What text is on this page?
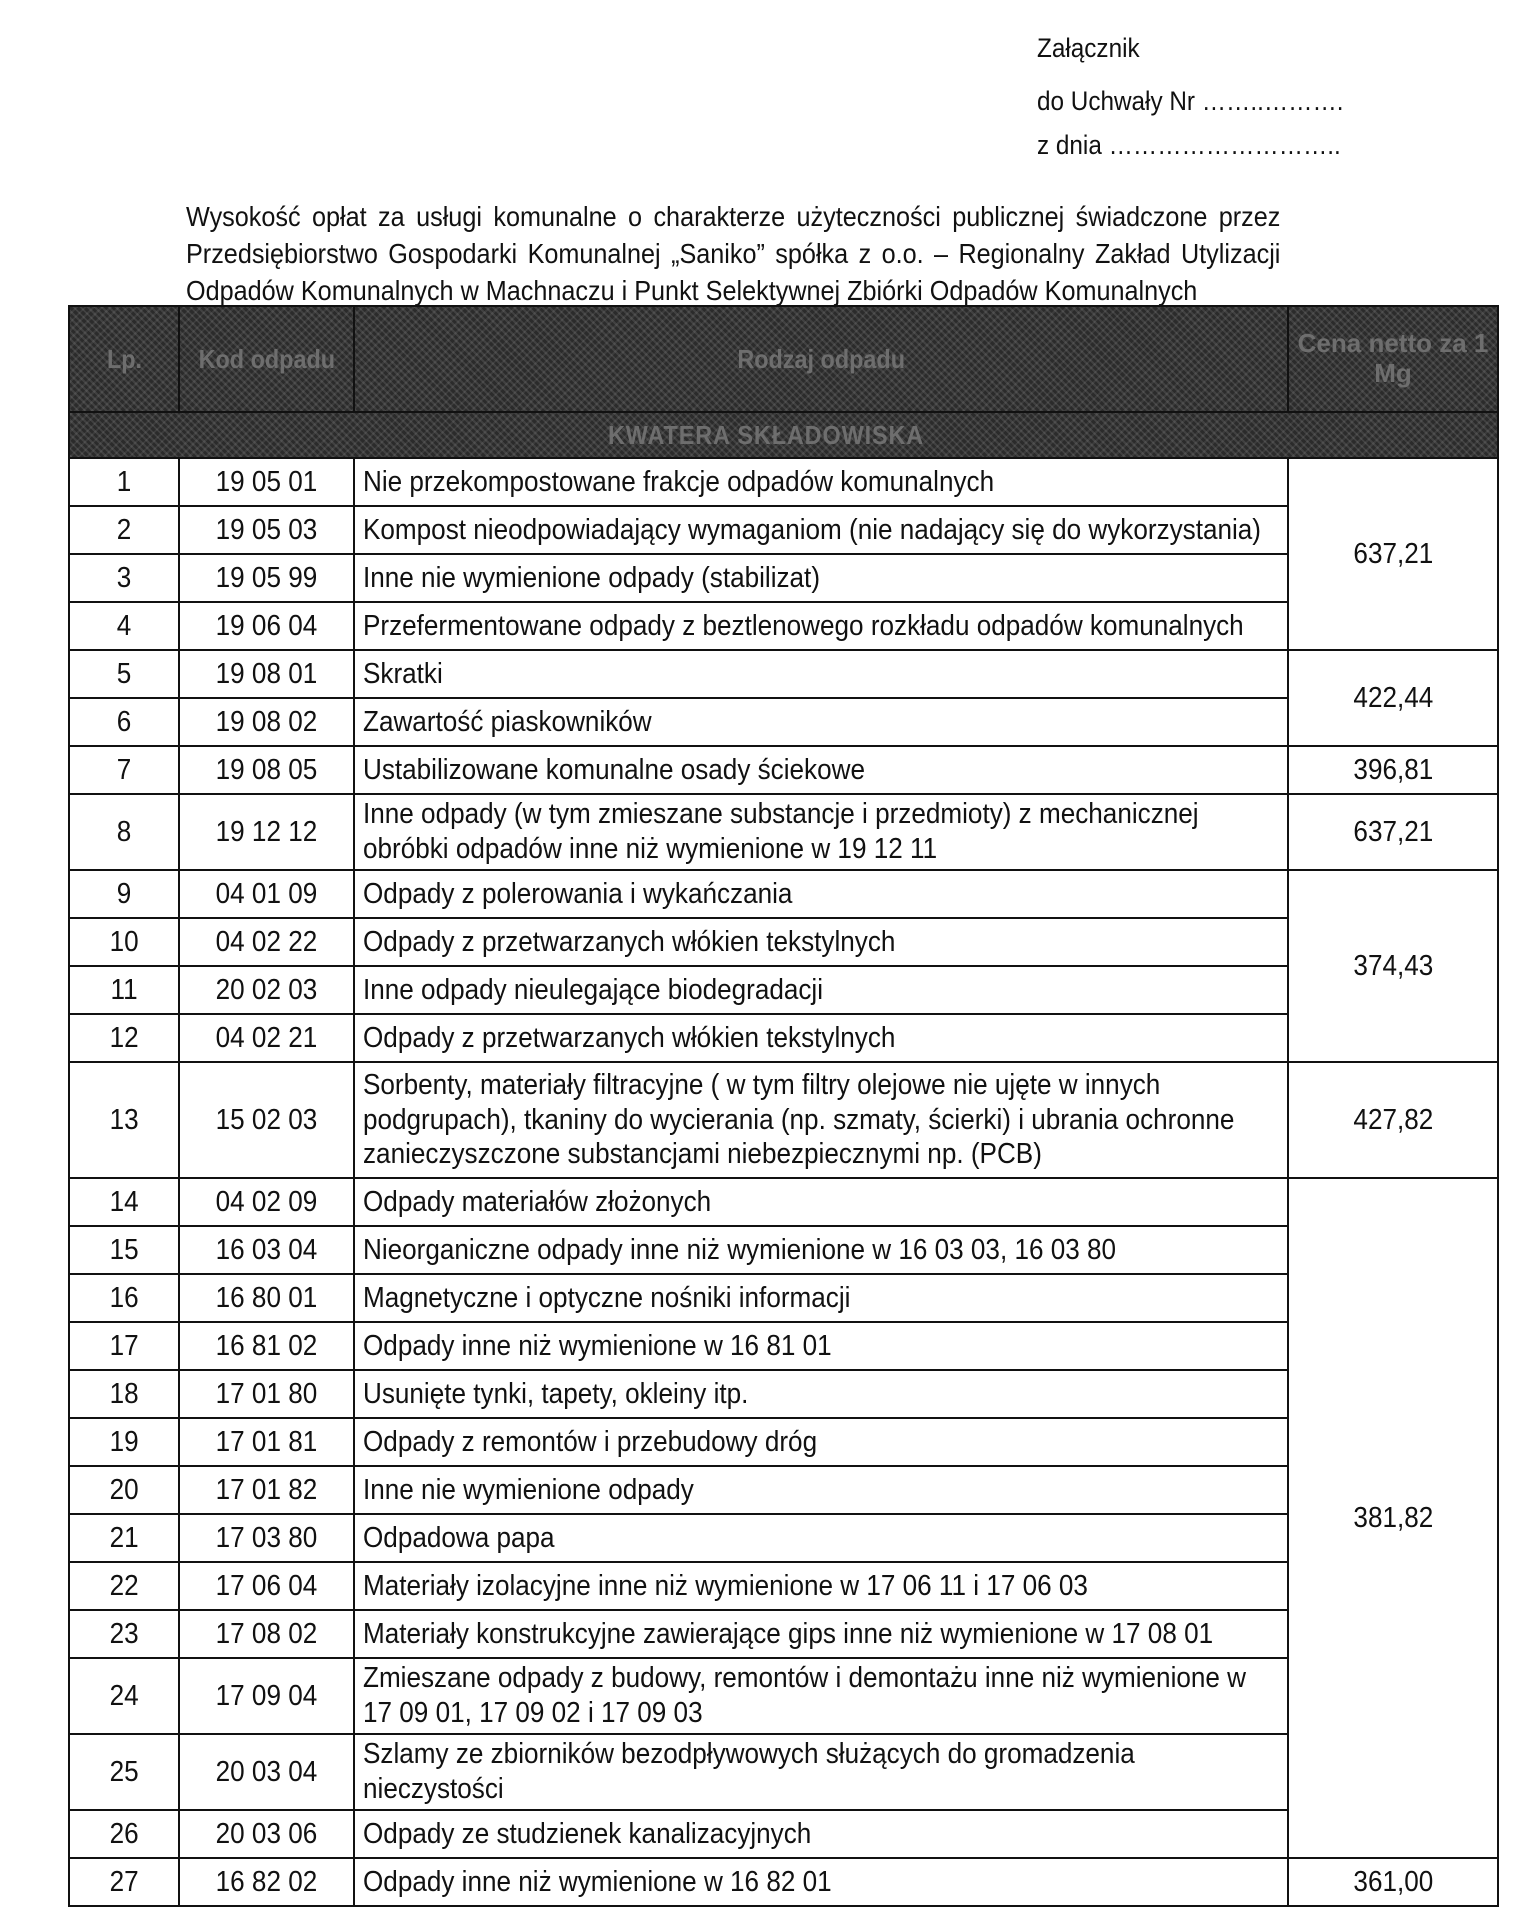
Załącznik
do Uchwały Nr ……..……….
z dnia ………………………..
Wysokość opłat za usługi komunalne o charakterze użyteczności publicznej świadczone przez Przedsiębiorstwo Gospodarki Komunalnej „Saniko” spółka z o.o. – Regionalny Zakład Utylizacji Odpadów Komunalnych w Machnaczu i Punkt Selektywnej Zbiórki Odpadów Komunalnych
Lp.	Kod odpadu	Rodzaj odpadu	Cena netto za 1 Mg
KWATERA SKŁADOWISKA			
1	19 05 01	Nie przekompostowane frakcje odpadów komunalnych	637,21
2	19 05 03	Kompost nieodpowiadający wymaganiom (nie nadający się do wykorzystania)	
3	19 05 99	Inne nie wymienione odpady (stabilizat)	
4	19 06 04	Przefermentowane odpady z beztlenowego rozkładu odpadów komunalnych	
5	19 08 01	Skratki	422,44
6	19 08 02	Zawartość piaskowników	
7	19 08 05	Ustabilizowane komunalne osady ściekowe	396,81
8	19 12 12	Inne odpady (w tym zmieszane substancje i przedmioty) z mechanicznej obróbki odpadów inne niż wymienione w 19 12 11	637,21
9	04 01 09	Odpady z polerowania i wykańczania	374,43
10	04 02 22	Odpady z przetwarzanych włókien tekstylnych	
11	20 02 03	Inne odpady nieulegające biodegradacji	
12	04 02 21	Odpady z przetwarzanych włókien tekstylnych	
13	15 02 03	Sorbenty, materiały filtracyjne ( w tym filtry olejowe nie ujęte w innych podgrupach), tkaniny do wycierania (np. szmaty, ścierki) i ubrania ochronne zanieczyszczone substancjami niebezpiecznymi np. (PCB)	427,82
14	04 02 09	Odpady materiałów złożonych	381,82
15	16 03 04	Nieorganiczne odpady inne niż wymienione w 16 03 03, 16 03 80	
16	16 80 01	Magnetyczne i optyczne nośniki informacji	
17	16 81 02	Odpady inne niż wymienione w 16 81 01	
18	17 01 80	Usunięte tynki, tapety, okleiny itp.	
19	17 01 81	Odpady z remontów i przebudowy dróg	
20	17 01 82	Inne nie wymienione odpady	
21	17 03 80	Odpadowa papa	
22	17 06 04	Materiały izolacyjne inne niż wymienione w 17 06 11 i 17 06 03	
23	17 08 02	Materiały konstrukcyjne zawierające gips inne niż wymienione w 17 08 01	
24	17 09 04	Zmieszane odpady z budowy, remontów i demontażu inne niż wymienione w 17 09 01, 17 09 02 i 17 09 03	

25	20 03 04	Szlamy ze zbiorników bezodpływowych służących do gromadzenia nieczystości	

26	20 03 06	Odpady ze studzienek kanalizacyjnych	
27	16 82 02	Odpady inne niż wymienione w 16 82 01	361,00
